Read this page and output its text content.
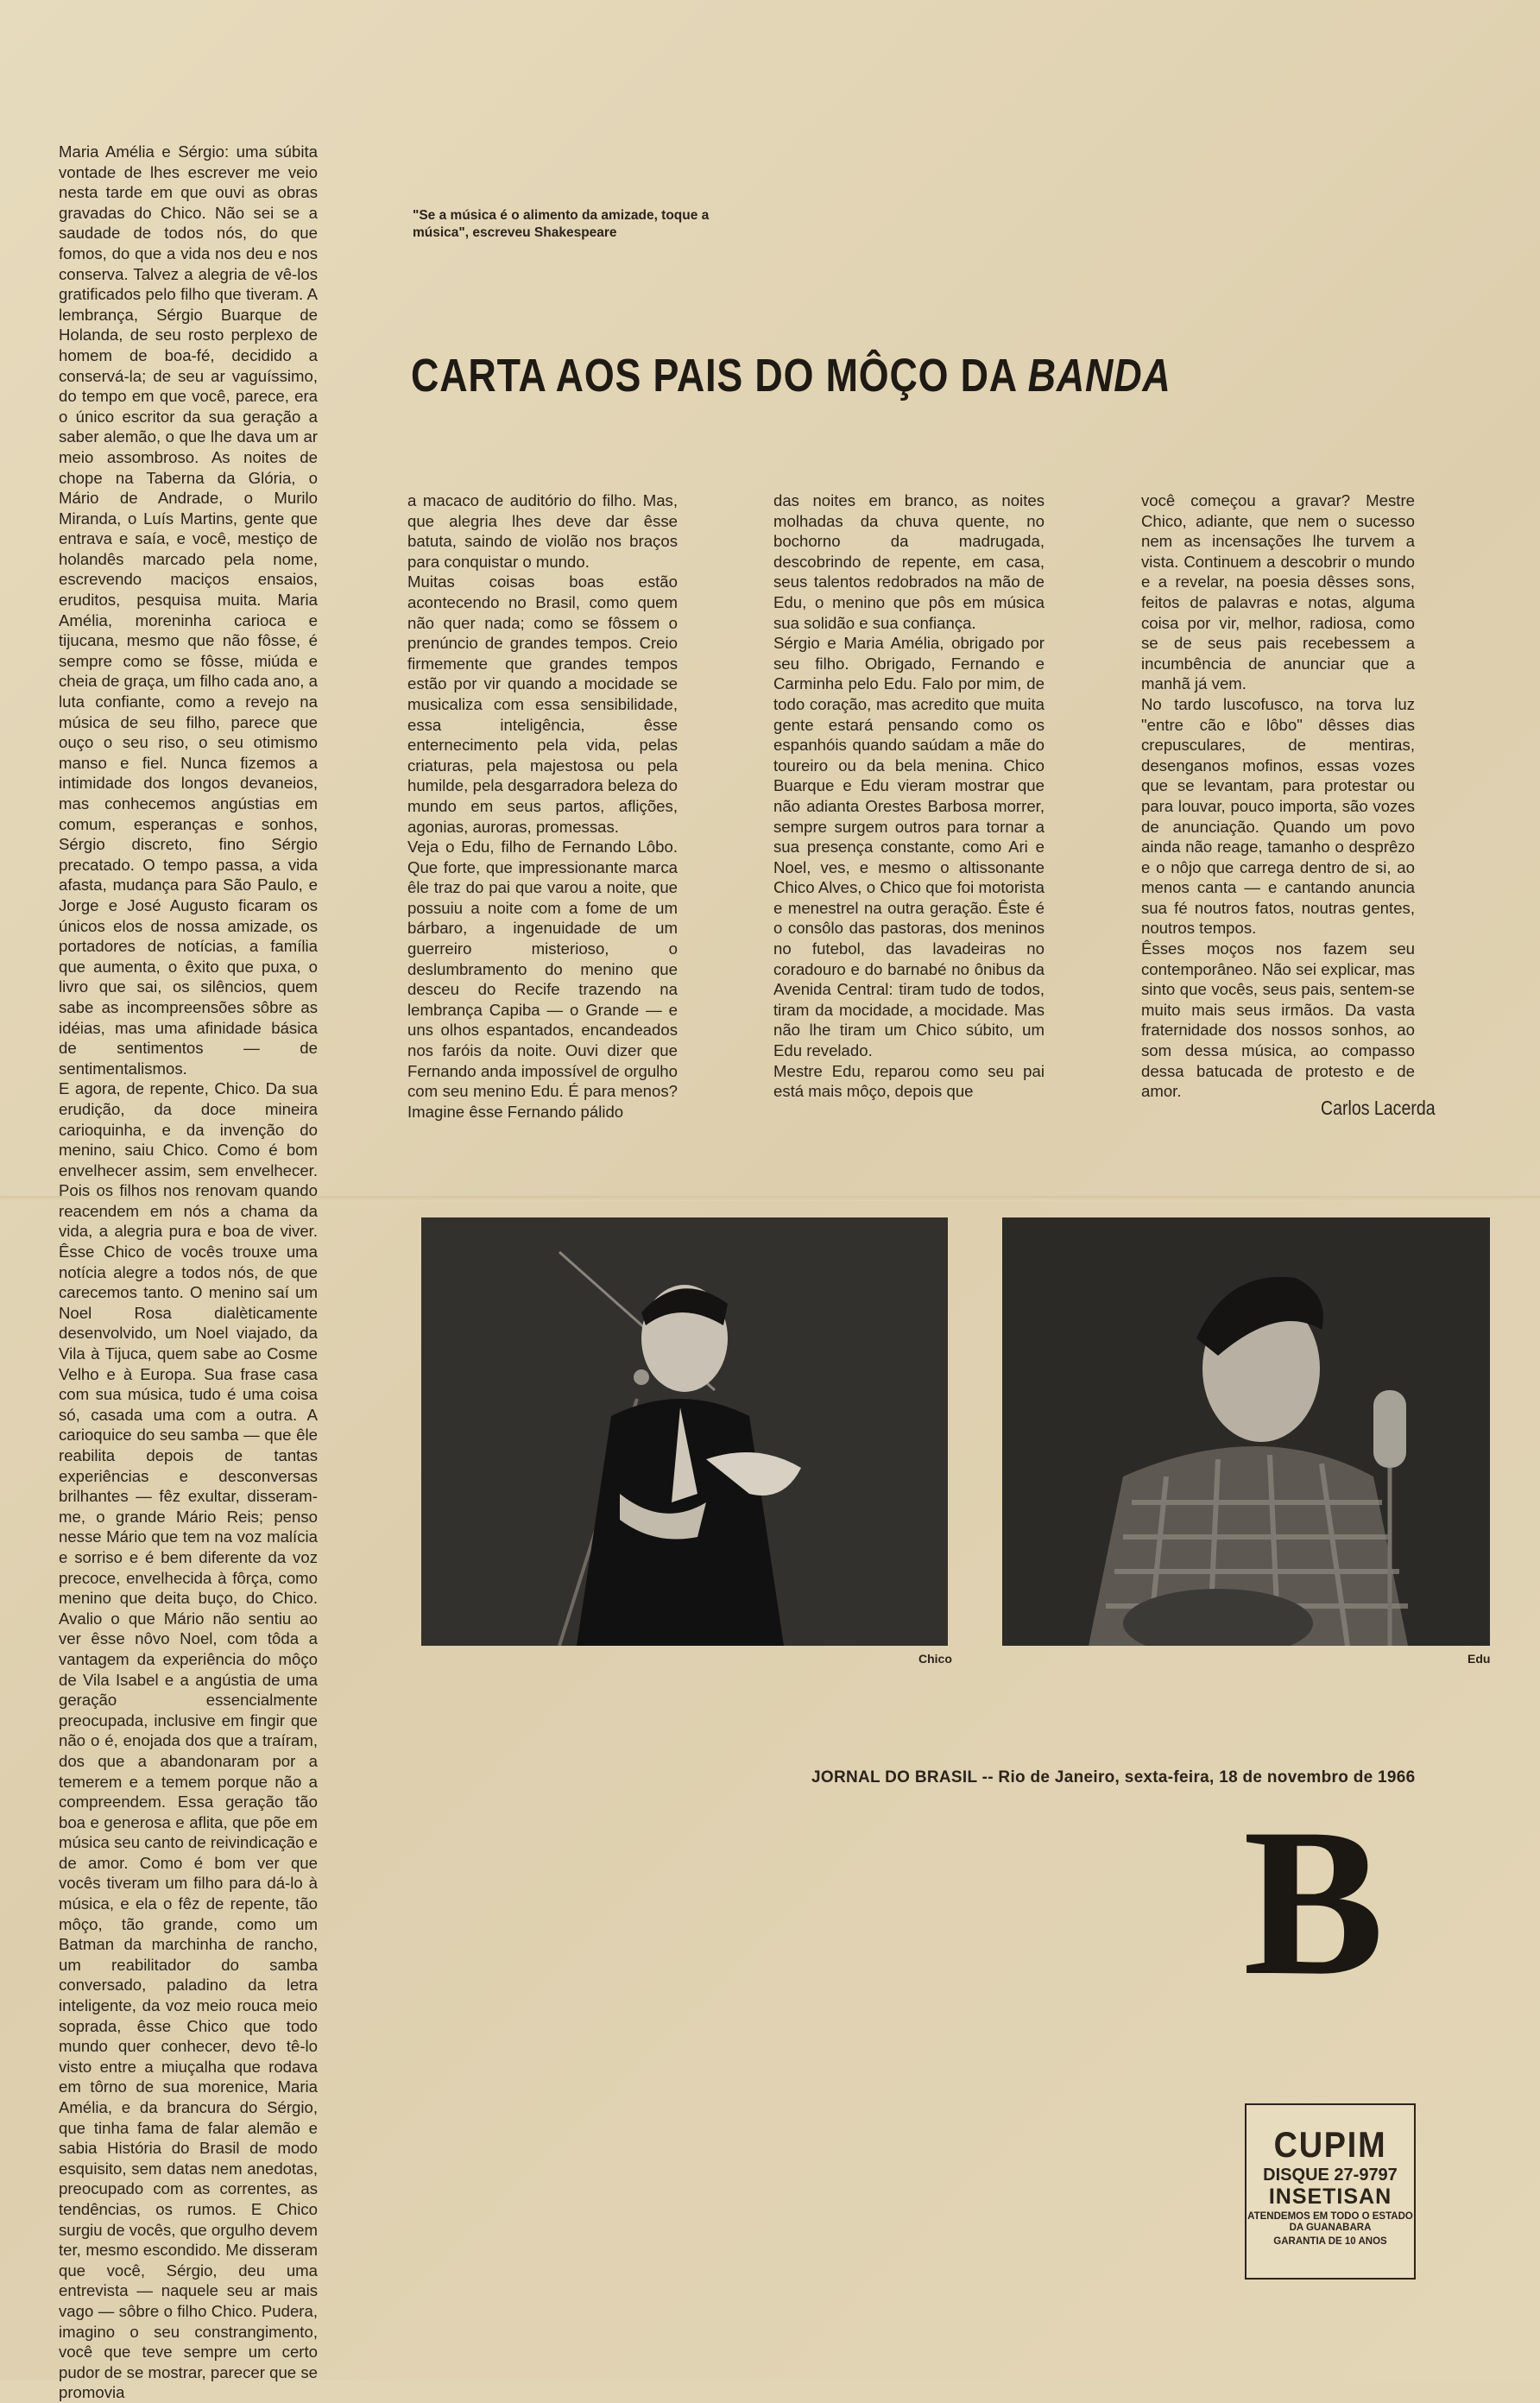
"Se a música é o alimento da amizade, toque a música", escreveu Shakespeare
CARTA AOS PAIS DO MÔÇO DA BANDA
Maria Amélia e Sérgio: uma súbita vontade de lhes escrever me veio nesta tarde em que ouvi as obras gravadas do Chico. Não sei se a saudade de todos nós, do que fomos, do que a vida nos deu e nos conserva. Talvez a alegria de vê-los gratificados pelo filho que tiveram. A lembrança, Sérgio Buarque de Holanda, de seu rosto perplexo de homem de boa-fé, decidido a conservá-la; de seu ar vaguíssimo, do tempo em que você, parece, era o único escritor da sua geração a saber alemão, o que lhe dava um ar meio assombroso. As noites de chope na Taberna da Glória, o Mário de Andrade, o Murilo Miranda, o Luís Martins, gente que entrava e saía, e você, mestiço de holandês marcado pela nome, escrevendo maciços ensaios, eruditos, pesquisa muita. Maria Amélia, moreninha carioca e tijucana, mesmo que não fôsse, é sempre como se fôsse, miúda e cheia de graça, um filho cada ano, a luta confiante, como a revejo na música de seu filho, parece que ouço o seu riso, o seu otimismo manso e fiel. Nunca fizemos a intimidade dos longos devaneios, mas conhecemos angústias em comum, esperanças e sonhos, Sérgio discreto, fino Sérgio precatado. O tempo passa, a vida afasta, mudança para São Paulo, e Jorge e José Augusto ficaram os únicos elos de nossa amizade, os portadores de notícias, a família que aumenta, o êxito que puxa, o livro que sai, os silêncios, quem sabe as incompreensões sôbre as idéias, mas uma afinidade básica de sentimentos — de sentimentalismos.
E agora, de repente, Chico. Da sua erudição, da doce mineira carioquinha, e da invenção do menino, saiu Chico. Como é bom envelhecer assim, sem envelhecer. Pois os filhos nos renovam quando reacendem em nós a chama da vida, a alegria pura e boa de viver. Êsse Chico de vocês trouxe uma notícia alegre a todos nós, de que carecemos tanto. O menino saí um Noel Rosa dialèticamente desenvolvido, um Noel viajado, da Vila à Tijuca, quem sabe ao Cosme Velho e à Europa. Sua frase casa com sua música, tudo é uma coisa só, casada uma com a outra. A carioquice do seu samba — que êle reabilita depois de tantas experiências e desconversas brilhantes — fêz exultar, disseram-me, o grande Mário Reis; penso nesse Mário que tem na voz malícia e sorriso e é bem diferente da voz precoce, envelhecida à fôrça, como menino que deita buço, do Chico. Avalio o que Mário não sentiu ao ver êsse nôvo Noel, com tôda a vantagem da experiência do môço de Vila Isabel e a angústia de uma geração essencialmente preocupada, inclusive em fingir que não o é, enojada dos que a traíram, dos que a abandonaram por a temerem e a temem porque não a compreendem. Essa geração tão boa e generosa e aflita, que põe em música seu canto de reivindicação e de amor. Como é bom ver que vocês tiveram um filho para dá-lo à música, e ela o fêz de repente, tão môço, tão grande, como um Batman da marchinha de rancho, um reabilitador do samba conversado, paladino da letra inteligente, da voz meio rouca meio soprada, êsse Chico que todo mundo quer conhecer, devo tê-lo visto entre a miuçalha que rodava em tôrno de sua morenice, Maria Amélia, e da brancura do Sérgio, que tinha fama de falar alemão e sabia História do Brasil de modo esquisito, sem datas nem anedotas, preocupado com as correntes, as tendências, os rumos. E Chico surgiu de vocês, que orgulho devem ter, mesmo escondido. Me disseram que você, Sérgio, deu uma entrevista — naquele seu ar mais vago — sôbre o filho Chico. Pudera, imagino o seu constrangimento, você que teve sempre um certo pudor de se mostrar, parecer que se promovia
a macaco de auditório do filho. Mas, que alegria lhes deve dar êsse batuta, saindo de violão nos braços para conquistar o mundo.
Muitas coisas boas estão acontecendo no Brasil, como quem não quer nada; como se fôssem o prenúncio de grandes tempos. Creio firmemente que grandes tempos estão por vir quando a mocidade se musicaliza com essa sensibilidade, essa inteligência, êsse enternecimento pela vida, pelas criaturas, pela majestosa ou pela humilde, pela desgarradora beleza do mundo em seus partos, aflições, agonias, auroras, promessas.
Veja o Edu, filho de Fernando Lôbo. Que forte, que impressionante marca êle traz do pai que varou a noite, que possuiu a noite com a fome de um bárbaro, a ingenuidade de um guerreiro misterioso, o deslumbramento do menino que desceu do Recife trazendo na lembrança Capiba — o Grande — e uns olhos espantados, encandeados nos faróis da noite. Ouvi dizer que Fernando anda impossível de orgulho com seu menino Edu. É para menos? Imagine êsse Fernando pálido
das noites em branco, as noites molhadas da chuva quente, no bochorno da madrugada, descobrindo de repente, em casa, seus talentos redobrados na mão de Edu, o menino que pôs em música sua solidão e sua confiança.
Sérgio e Maria Amélia, obrigado por seu filho. Obrigado, Fernando e Carminha pelo Edu. Falo por mim, de todo coração, mas acredito que muita gente estará pensando como os espanhóis quando saúdam a mãe do toureiro ou da bela menina. Chico Buarque e Edu vieram mostrar que não adianta Orestes Barbosa morrer, sempre surgem outros para tornar a sua presença constante, como Ari e Noel, ves, e mesmo o altissonante Chico Alves, o Chico que foi motorista e menestrel na outra geração. Êste é o consôlo das pastoras, dos meninos no futebol, das lavadeiras no coradouro e do barnabé no ônibus da Avenida Central: tiram tudo de todos, tiram da mocidade, a mocidade. Mas não lhe tiram um Chico súbito, um Edu revelado.
Mestre Edu, reparou como seu pai está mais môço, depois que
você começou a gravar? Mestre Chico, adiante, que nem o sucesso nem as incensações lhe turvem a vista. Continuem a descobrir o mundo e a revelar, na poesia dêsses sons, feitos de palavras e notas, alguma coisa por vir, melhor, radiosa, como se de seus pais recebessem a incumbência de anunciar que a manhã já vem.
No tardo luscofusco, na torva luz "entre cão e lôbo" dêsses dias crepusculares, de mentiras, desenganos mofinos, essas vozes que se levantam, para protestar ou para louvar, pouco importa, são vozes de anunciação. Quando um povo ainda não reage, tamanho o desprêzo e o nôjo que carrega dentro de si, ao menos canta — e cantando anuncia sua fé noutros fatos, noutras gentes, noutros tempos.
Êsses moços nos fazem seu contemporâneo. Não sei explicar, mas sinto que vocês, seus pais, sentem-se muito mais seus irmãos. Da vasta fraternidade dos nossos sonhos, ao som dessa música, ao compasso dessa batucada de protesto e de amor.
Carlos Lacerda
Chico	Edu
JORNAL DO BRASIL -- Rio de Janeiro, sexta-feira, 18 de novembro de 1966
B
CUPIM
DISQUE 27-9797
INSETISAN
ATENDEMOS EM TODO O ESTADO DA GUANABARA
GARANTIA DE 10 ANOS
